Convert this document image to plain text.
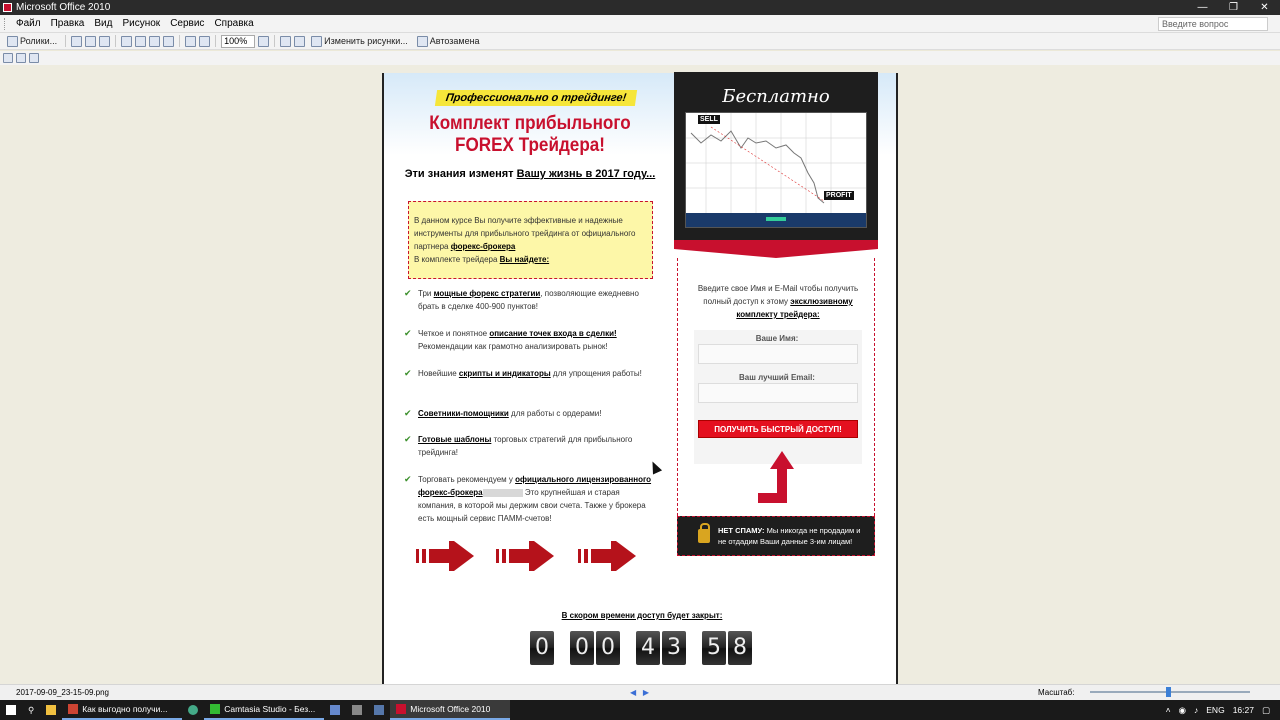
Microsoft Office 2010	—	❐	✕
Файл	Правка	Вид	Рисунок	Сервис	Справка	Введите вопрос
Ролики...	100%	Изменить рисунки... Автозамена
Профессионально о трейдинге!
Комплект прибыльного
FOREX Трейдера!
Эти знания изменят Вашу жизнь в 2017 году...
В данном курсе Вы получите эффективные и надежные инструменты для прибыльного трейдинга от официального партнера форекс-брокера
В комплекте трейдера Вы найдете:
✔ Три мощные форекс стратегии, позволяющие ежедневно брать в сделке 400-900 пунктов!
✔ Четкое и понятное описание точек входа в сделки! Рекомендации как грамотно анализировать рынок!
✔ Новейшие скрипты и индикаторы для упрощения работы!
✔ Советники-помощники для работы с ордерами!
✔ Готовые шаблоны торговых стратегий для прибыльного трейдинга!
✔ Торговать рекомендуем у официального лицензированного форекс-брокера	Это крупнейшая и старая компания, в которой мы держим свои счета. Также у брокера есть мощный сервис ПАММ-счетов!
Бесплатно
SELL
PROFIT
Введите свое Имя и E-Mail чтобы получить полный доступ к этому эксклюзивному комплекту трейдера:
Ваше Имя:
Ваш лучший Email:
ПОЛУЧИТЬ БЫСТРЫЙ ДОСТУП!
НЕТ СПАМУ: Мы никогда не продадим и не отдадим Ваши данные 3-им лицам!
В скором времени доступ будет закрыт:
0 0 0 4 3 5 8
2017-09-09_23-15-09.png	◀   ▶	Масштаб:
⚲	Как выгодно получи...	Camtasia Studio - Без...	Microsoft Office 2010	˄ ◉ ♪ ENG 16:27 ▢
